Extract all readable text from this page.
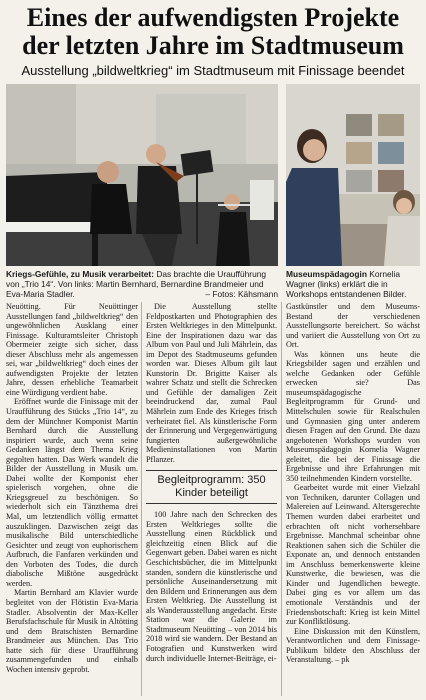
Eines der aufwendigsten Projekte
der letzten Jahre im Stadtmuseum
Ausstellung „bildweltkrieg“ im Stadtmuseum mit Finissage beendet
Kriegs-Gefühle, zu Musik verarbeitet: Das brachte die Uraufführung von „Trio 14“. Von links: Martin Bernhard, Bernardine Brandmeier und Eva-Maria Stadler.	– Fotos: Kähsmann
Museumspädagogin Kornelia Wagner (links) erklärt die in Workshops entstandenen Bilder.

Neuötting. Für Neuöttinger Ausstellungen fand „bildweltkrieg“ den ungewöhnlichen Ausklang einer Finissage. Kulturamtsleiter Christoph Obermeier zeigte sich sicher, dass dieser Abschluss mehr als angemessen sei, war „bildweltkrieg“ doch eines der aufwendigsten Projekte der letzten Jahre, dessen erhebliche Teamarbeit eine Würdigung verdient habe.

Eröffnet wurde die Finissage mit der Uraufführung des Stücks „Trio 14“, zu dem der Münchner Komponist Martin Bernhard durch die Ausstellung inspiriert wurde, auch wenn seine Gedanken längst dem Thema Krieg gegolten hatten. Das Werk wandelt die Bilder der Ausstellung in Musik um. Dabei wollte der Komponist eher spielerisch vorgehen, ohne die Kriegsgreuel zu beschönigen. So wiederholt sich ein Tänzthema drei Mal, um letztendlich völlig ermattet auszuklingen. Dazwischen zeigt das musikalische Bild unterschiedliche Gesichter und zeugt von euphorischem Aufbruch, die Fanfaren verkünden und den Vorboten des Todes, die durch diabolische Mißtöne ausgedrückt werden.

Martin Bernhard am Klavier wurde begleitet von der Flötistin Eva-Maria Stadler. Absolventin der Max-Keller Berufsfachschule für Musik in Altötting und dem Bratschisten Bernardine Brandmeier aus München. Das Trio hatte sich für diese Uraufführung zusammengefunden und einhalb Wochen intensiv geprobt.

Die Ausstellung stellte Feldpostkarten und Photographien des Ersten Weltkrieges in den Mittelpunkt. Eine der Inspirationen dazu war das Album von Paul und Juli Mährlein, das im Depot des Stadtmuseums gefunden worden war. Dieses Album gilt laut Kunstorin Dr. Brigitte Kaiser als wahrer Schatz und stellt die Schrecken und Gefühle der damaligen Zeit beeindruckend dar, zumal Paul Mährlein zum Ende des Krieges frisch verheiratet fiel. Als künstlerische Form der Erinnerung und Vergegenwärtigung fungierten außergewöhnliche Medieninstallationen von Martin Pflanzer.

Begleitprogramm: 350 Kinder beteiligt

100 Jahre nach den Schrecken des Ersten Weltkrieges sollte die Ausstellung einen Rückblick und gleichzeitig einen Blick auf die Gegenwart geben. Dabei waren es nicht Geschichtsbücher, die im Mittelpunkt standen, sondern die künstlerische und persönliche Auseinandersetzung mit den Bildern und Erinnerungen aus dem Ersten Weltkrieg. Die Ausstellung ist als Wanderausstellung angedacht. Erste Station war die Galerie im Stadtmuseum Neuötting – von 2014 bis 2018 wird sie wandern. Der Bestand an Fotografien und Kunstwerken wird durch individuelle Internet-Beiträge, ei-

Gastkünstler und dem Museums-Bestand der verschiedenen Ausstellungsorte bereichert. So wächst und variiert die Ausstellung von Ort zu Ort.

Was können uns heute die Kriegsbilder sagen und erzählen und welche Gedanken oder Gefühle erwecken sie? Das museumspädagogische Begleitprogramm für Grund- und Mittelschulen sowie für Realschulen und Gymnasien ging unter anderem diesen Fragen auf den Grund. Die dazu angebotenen Workshops wurden von Museumspädagogin Kornelia Wagner geleitet, die bei der Finissage die Ergebnisse und ihre Erfahrungen mit 350 teilnehmenden Kindern vorstellte.

Gearbeitet wurde mit einer Vielzahl von Techniken, darunter Collagen und Malereien auf Leinwand. Altersgerechte Themen wurden dabei erarbeitet und erbrachten oft nicht vorhersehbare Ergebnisse. Manchmal scheinbar ohne Reaktionen sahen sich die Schüler die Exponate an, und dennoch entstanden im Anschluss bemerkenswerte kleine Kunstwerke, die bewiesen, was die Kinder und Jugendlichen bewegte. Dabei ging es vor allem um das emotionale Verständnis und der Friedensbotschaft: Krieg ist kein Mittel zur Konfliktlösung.

Eine Diskussion mit den Künstlern, Verantwortlichen und dem Finissage-Publikum bildete den Abschluss der Veranstaltung. – pk
